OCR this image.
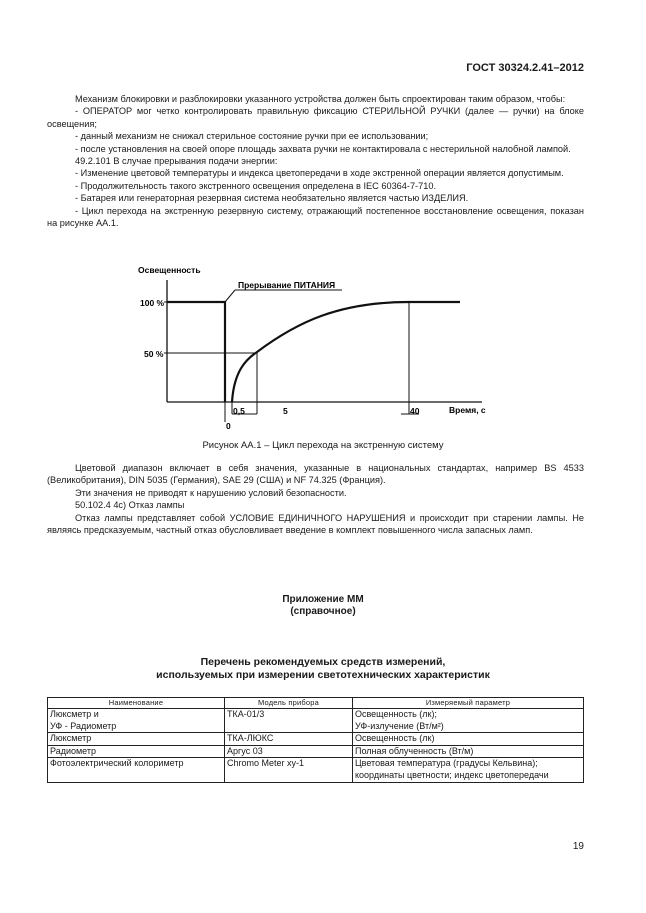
ГОСТ 30324.2.41–2012

Механизм блокировки и разблокировки указанного устройства должен быть спроектирован таким образом, чтобы:

- ОПЕРАТОР мог четко контролировать правильную фиксацию СТЕРИЛЬНОЙ РУЧКИ (далее — ручки) на блоке освещения;

- данный механизм не снижал стерильное состояние ручки при ее использовании;

- после установления на своей опоре площадь захвата ручки не контактировала с нестерильной налобной лампой.

49.2.101 В случае прерывания подачи энергии:

- Изменение цветовой температуры и индекса цветопередачи в ходе экстренной операции является допустимым.

- Продолжительность такого экстренного освещения определена в IEC 60364-7-710.

- Батарея или генераторная резервная система необязательно является частью ИЗДЕЛИЯ.

- Цикл перехода на экстренную резервную систему, отражающий постепенное восстановление освещения, показан на рисунке АА.1.

Освещенность
Время, с
Прерывание ПИТАНИЯ
100 %
50 %
0
0,5	5	40
Рисунок АА.1 – Цикл перехода на экстренную систему

Цветовой диапазон включает в себя значения, указанные в национальных стандартах, например BS 4533 (Великобритания), DIN 5035 (Германия), SAE 29 (США) и NF 74.325 (Франция).

Эти значения не приводят к нарушению условий безопасности.

50.102.4 4c) Отказ лампы

Отказ лампы представляет собой УСЛОВИЕ ЕДИНИЧНОГО НАРУШЕНИЯ и происходит при старении лампы. Не являясь предсказуемым, частный отказ обусловливает введение в комплект повышенного числа запасных ламп.

Приложение ММ
(справочное)
Перечень рекомендуемых средств измерений,
используемых при измерении светотехнических характеристик
Наименование	Модель прибора	Измеряемый параметр
Люксметр и
УФ - Радиометр	ТКА-01/3	Освещенность (лк);
УФ-излучение (Вт/м²)
Люксметр	ТКА-ЛЮКС	Освещенность (лк)
Радиометр	Аргус 03	Полная облученность (Вт/м)
Фотоэлектрический колориметр	Chromo Meter xy-1	Цветовая температура (градусы Кельвина); координаты цветности; индекс цветопередачи
19
